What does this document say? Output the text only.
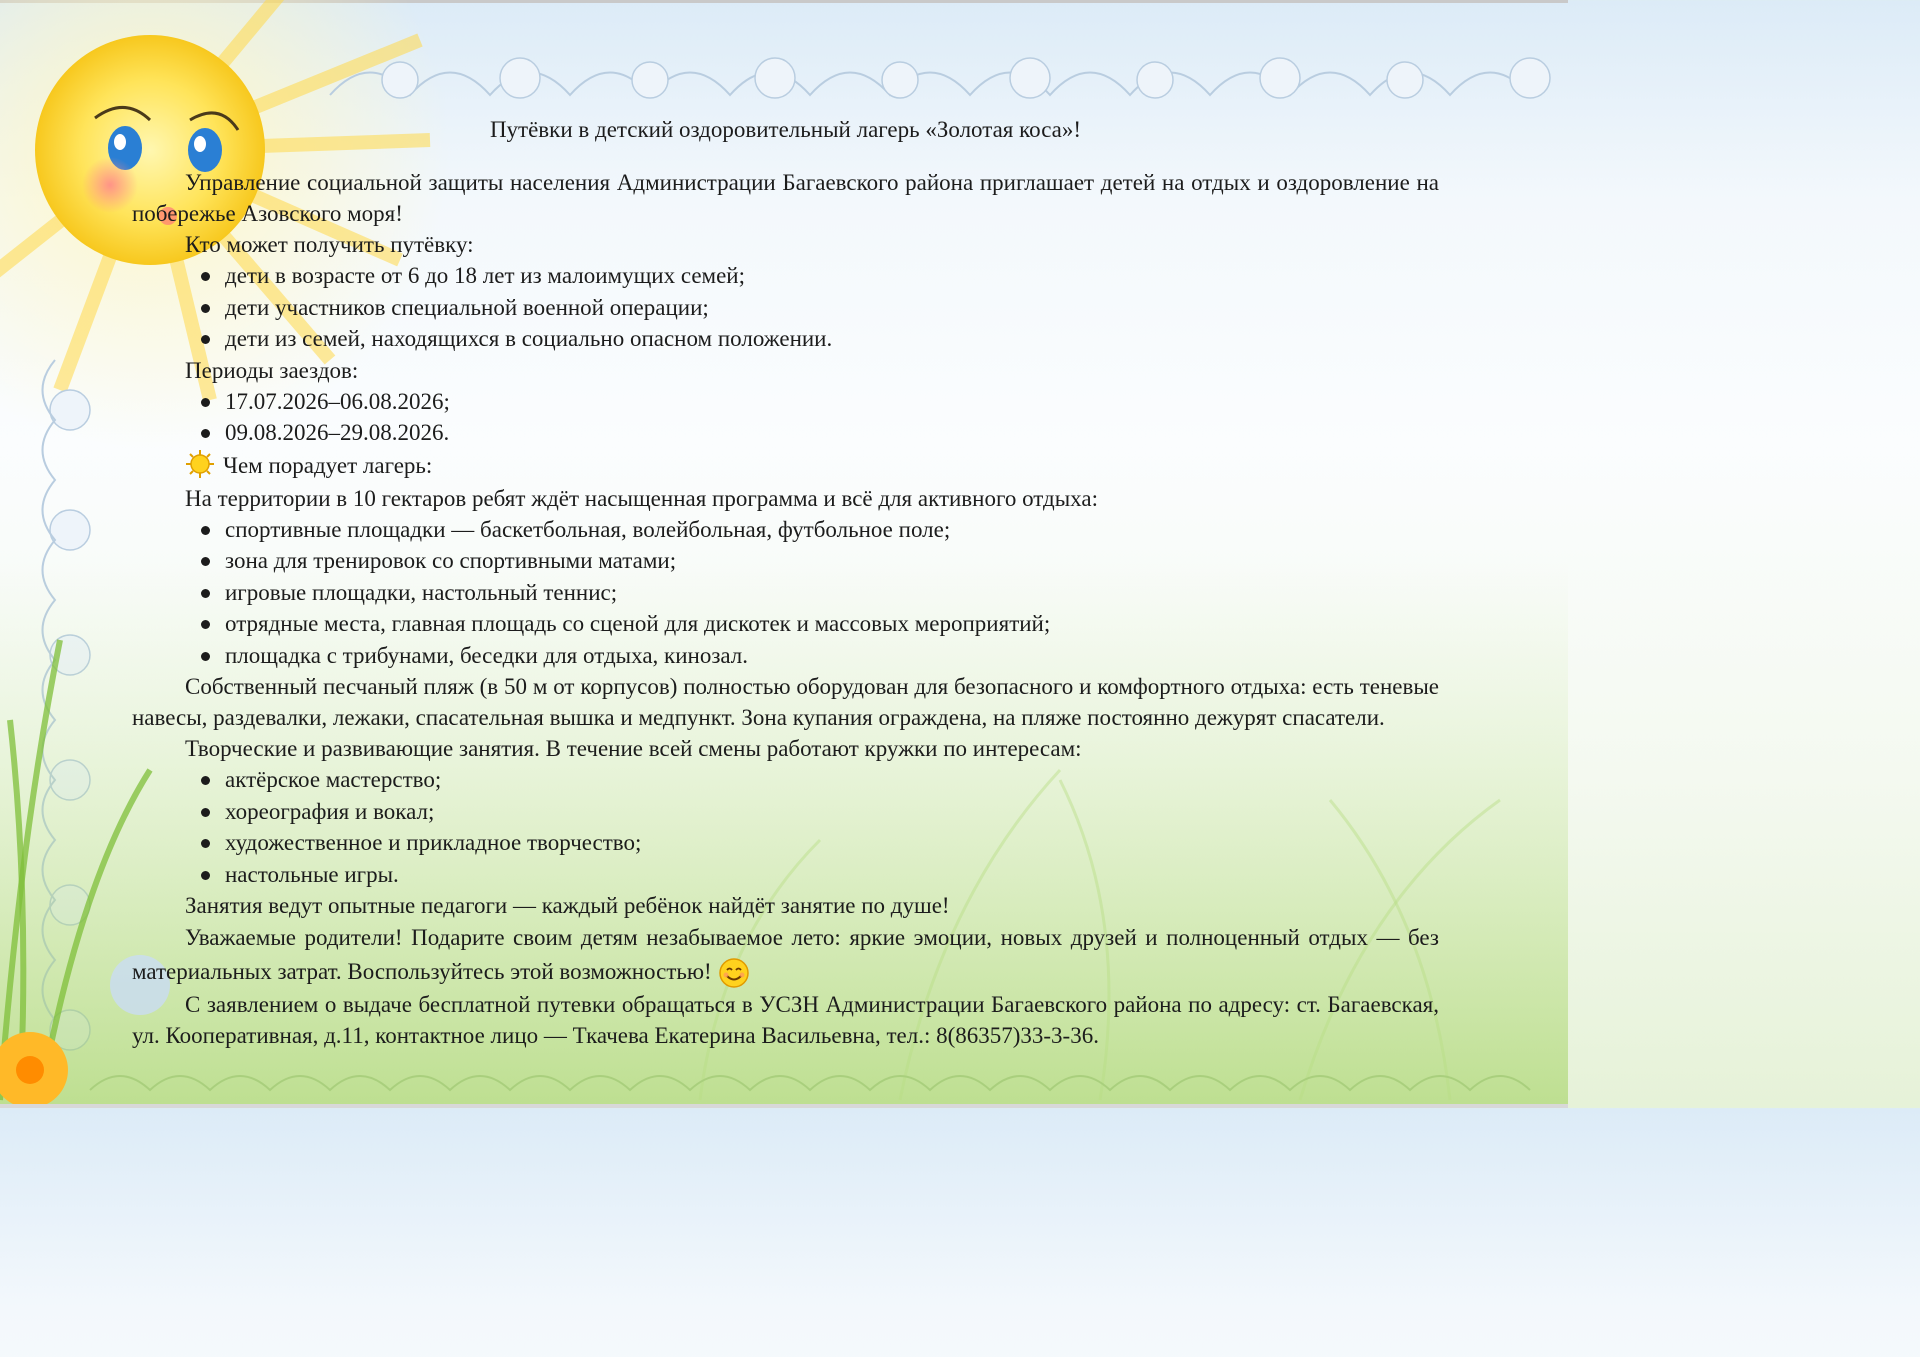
Путёвки в детский оздоровительный лагерь «Золотая коса»!

Управление социальной защиты населения Администрации Багаевского района приглашает детей на отдых и оздоровление на побережье Азовского моря!

Кто может получить путёвку:

дети в возрасте от 6 до 18 лет из малоимущих семей;
дети участников специальной военной операции;
дети из семей, находящихся в социально опасном положении.

Периоды заездов:

17.07.2026–06.08.2026;
09.08.2026–29.08.2026.

Чем порадует лагерь:

На территории в 10 гектаров ребят ждёт насыщенная программа и всё для активного отдыха:

спортивные площадки — баскетбольная, волейбольная, футбольное поле;
зона для тренировок со спортивными матами;
игровые площадки, настольный теннис;
отрядные места, главная площадь со сценой для дискотек и массовых мероприятий;
площадка с трибунами, беседки для отдыха, кинозал.

Собственный песчаный пляж (в 50 м от корпусов) полностью оборудован для безопасного и комфортного отдыха: есть теневые навесы, раздевалки, лежаки, спасательная вышка и медпункт. Зона купания ограждена, на пляже постоянно дежурят спасатели.

Творческие и развивающие занятия. В течение всей смены работают кружки по интересам:

актёрское мастерство;
хореография и вокал;
художественное и прикладное творчество;
настольные игры.

Занятия ведут опытные педагоги — каждый ребёнок найдёт занятие по душе!

Уважаемые родители! Подарите своим детям незабываемое лето: яркие эмоции, новых друзей и полноценный отдых — без материальных затрат. Воспользуйтесь этой возможностью!

С заявлением о выдаче бесплатной путевки обращаться в УСЗН Администрации Багаевского района по адресу: ст. Багаевская, ул. Кооперативная, д.11, контактное лицо — Ткачева Екатерина Васильевна, тел.: 8(86357)33-3-36.
